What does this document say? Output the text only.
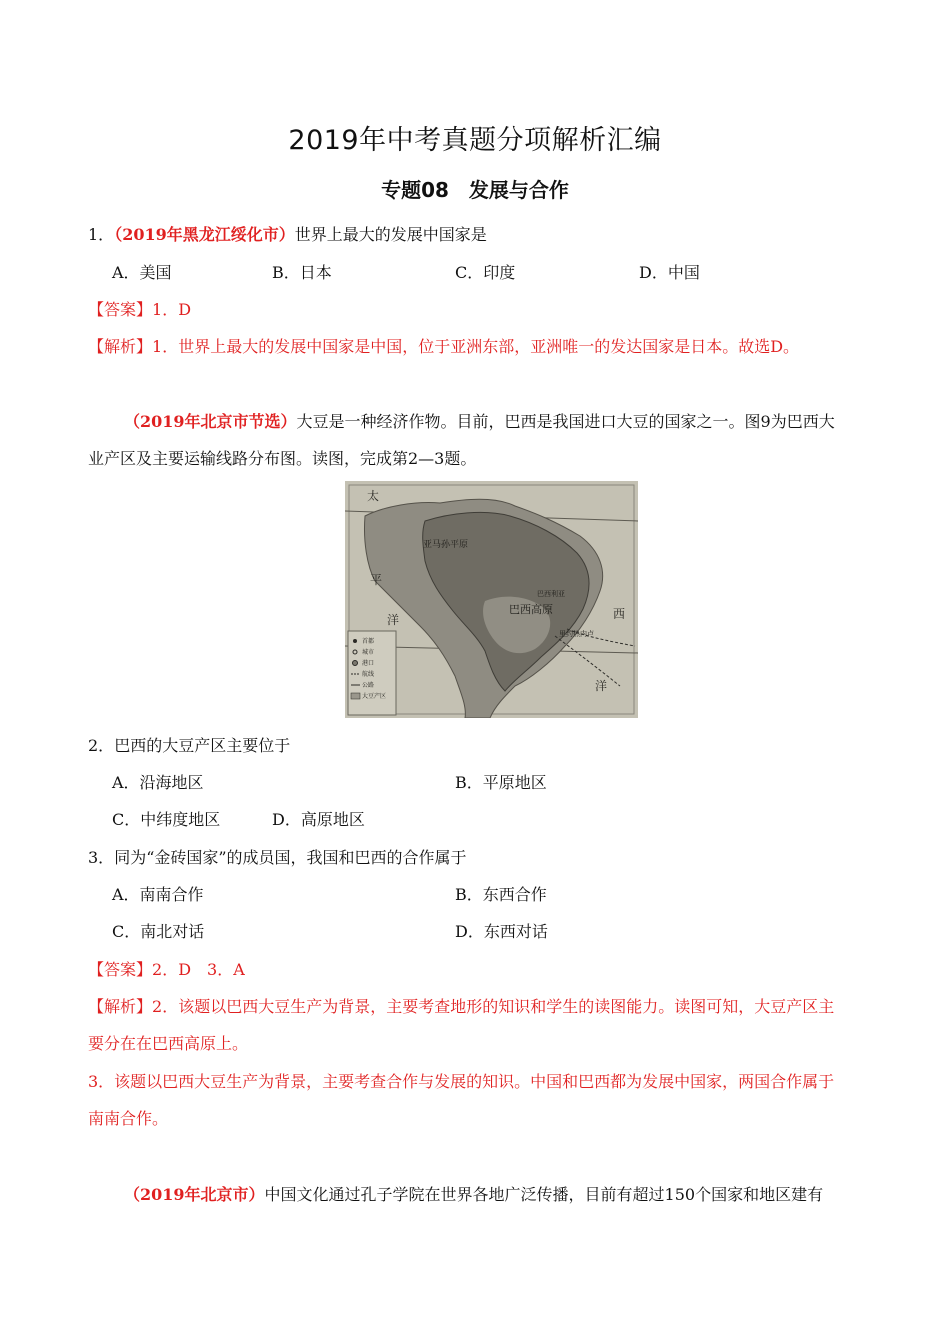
2019年中考真题分项解析汇编
专题08　发展与合作
1．（2019年黑龙江绥化市）世界上最大的发展中国家是
A．美国	B．日本	C．印度	D．中国
【答案】1．D
【解析】1．世界上最大的发展中国家是中国，位于亚洲东部，亚洲唯一的发达国家是日本。故选D。
（2019年北京市节选）大豆是一种经济作物。目前，巴西是我国进口大豆的国家之一。图9为巴西大
业产区及主要运输线路分布图。读图，完成第2—3题。
太
亚马孙平原
平
洋
巴西利亚
巴西高原
里约热内卢
西
洋
首都
城市
港口
航线
公路
大豆产区
2．巴西的大豆产区主要位于
A．沿海地区	B．平原地区
C．中纬度地区	D．高原地区
3．同为“金砖国家”的成员国，我国和巴西的合作属于
A．南南合作	B．东西合作
C．南北对话	D．东西对话
【答案】2．D　3．A
【解析】2．该题以巴西大豆生产为背景，主要考查地形的知识和学生的读图能力。读图可知，大豆产区主
要分在在巴西高原上。
3．该题以巴西大豆生产为背景，主要考查合作与发展的知识。中国和巴西都为发展中国家，两国合作属于
南南合作。
（2019年北京市）中国文化通过孔子学院在世界各地广泛传播，目前有超过150个国家和地区建有
